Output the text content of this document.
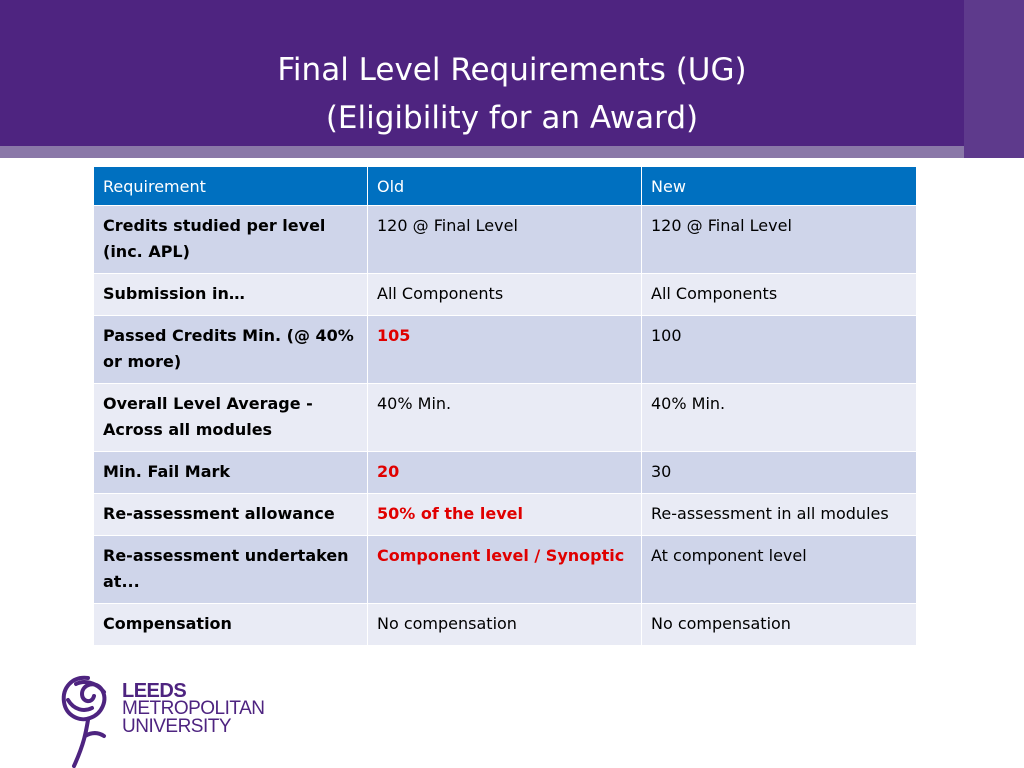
Final Level Requirements (UG)
(Eligibility for an Award)
Requirement	Old	New
Credits studied per level (inc. APL)	120 @ Final Level	120 @ Final Level
Submission in…	All Components	All Components
Passed Credits Min. (@ 40% or more)	105	100
Overall Level Average - Across all modules	40% Min.	40% Min.
Min. Fail Mark	20	30
Re-assessment allowance	50% of the level	Re-assessment in all modules
Re-assessment undertaken at...	Component level / Synoptic	At component level
Compensation	No compensation	No compensation
LEEDS
METROPOLITAN
UNIVERSITY
